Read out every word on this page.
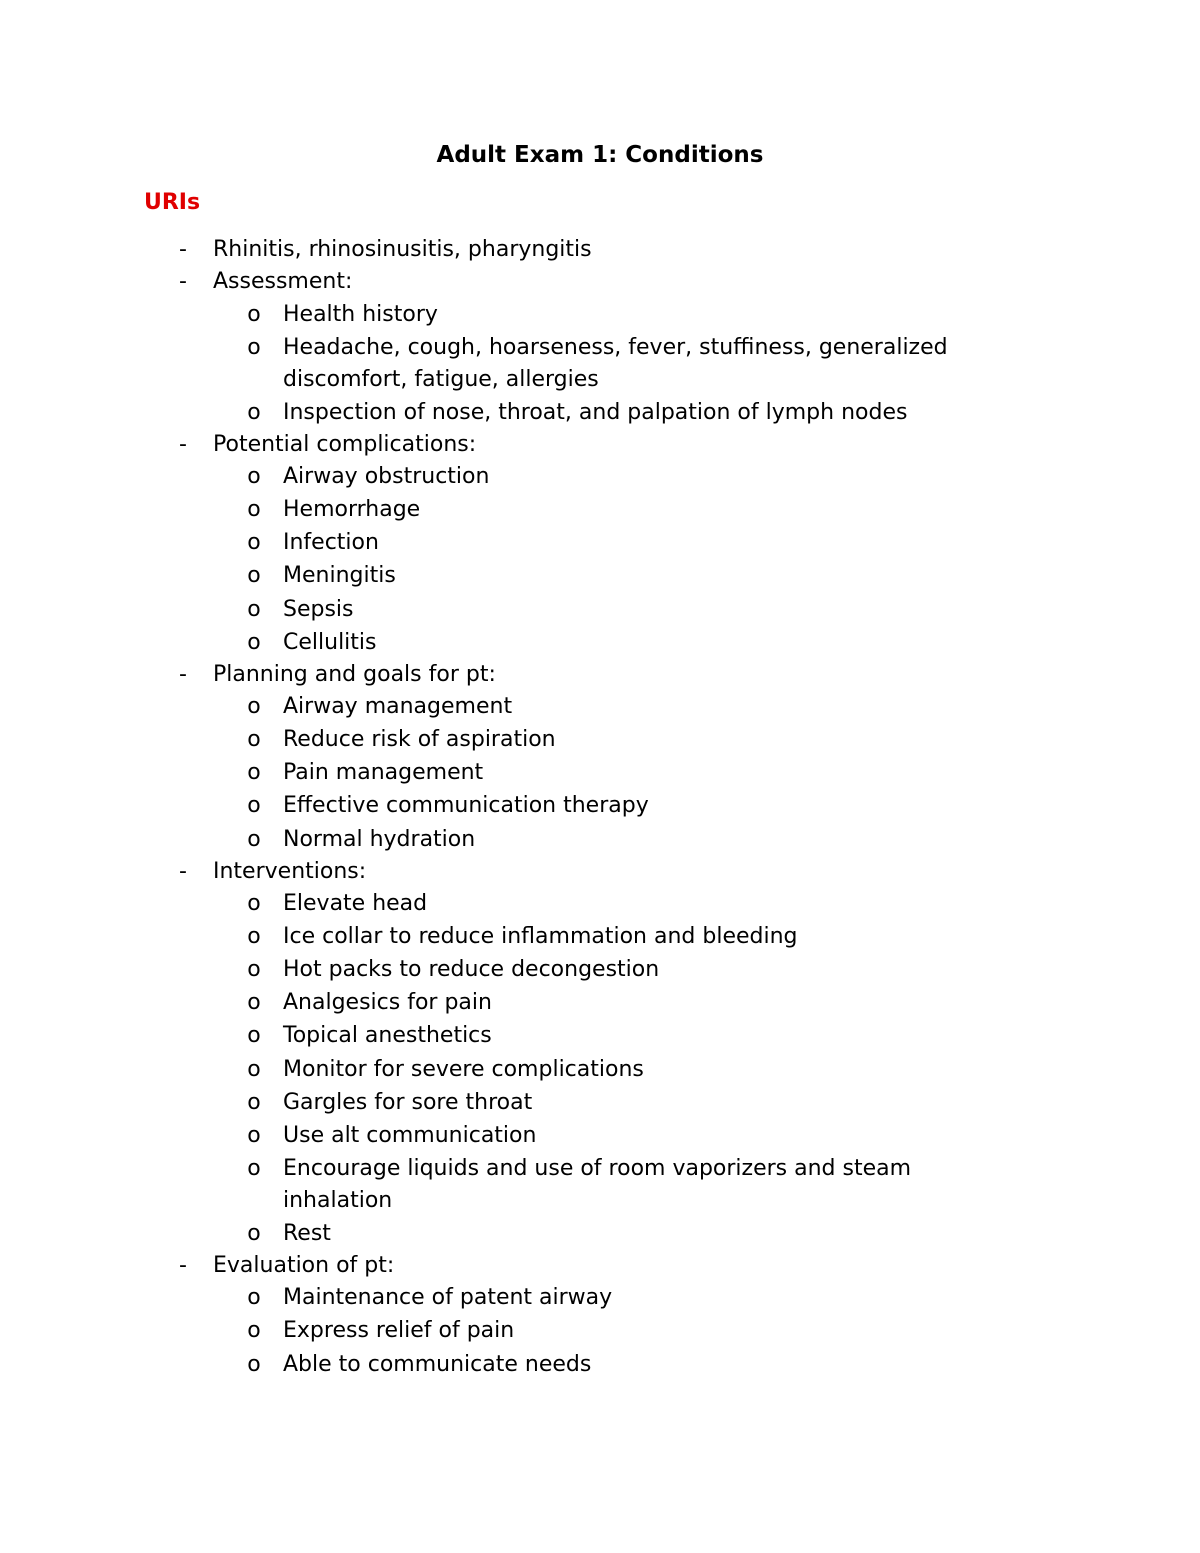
Adult Exam 1: Conditions
URIs
- Rhinitis, rhinosinusitis, pharyngitis
- Assessment:
o Health history
o Headache, cough, hoarseness, fever, stuffiness, generalized discomfort, fatigue, allergies
o Inspection of nose, throat, and palpation of lymph nodes
- Potential complications:
o Airway obstruction
o Hemorrhage
o Infection
o Meningitis
o Sepsis
o Cellulitis
- Planning and goals for pt:
o Airway management
o Reduce risk of aspiration
o Pain management
o Effective communication therapy
o Normal hydration
- Interventions:
o Elevate head
o Ice collar to reduce inflammation and bleeding
o Hot packs to reduce decongestion
o Analgesics for pain
o Topical anesthetics
o Monitor for severe complications
o Gargles for sore throat
o Use alt communication
o Encourage liquids and use of room vaporizers and steam inhalation
o Rest
- Evaluation of pt:
o Maintenance of patent airway
o Express relief of pain
o Able to communicate needs
